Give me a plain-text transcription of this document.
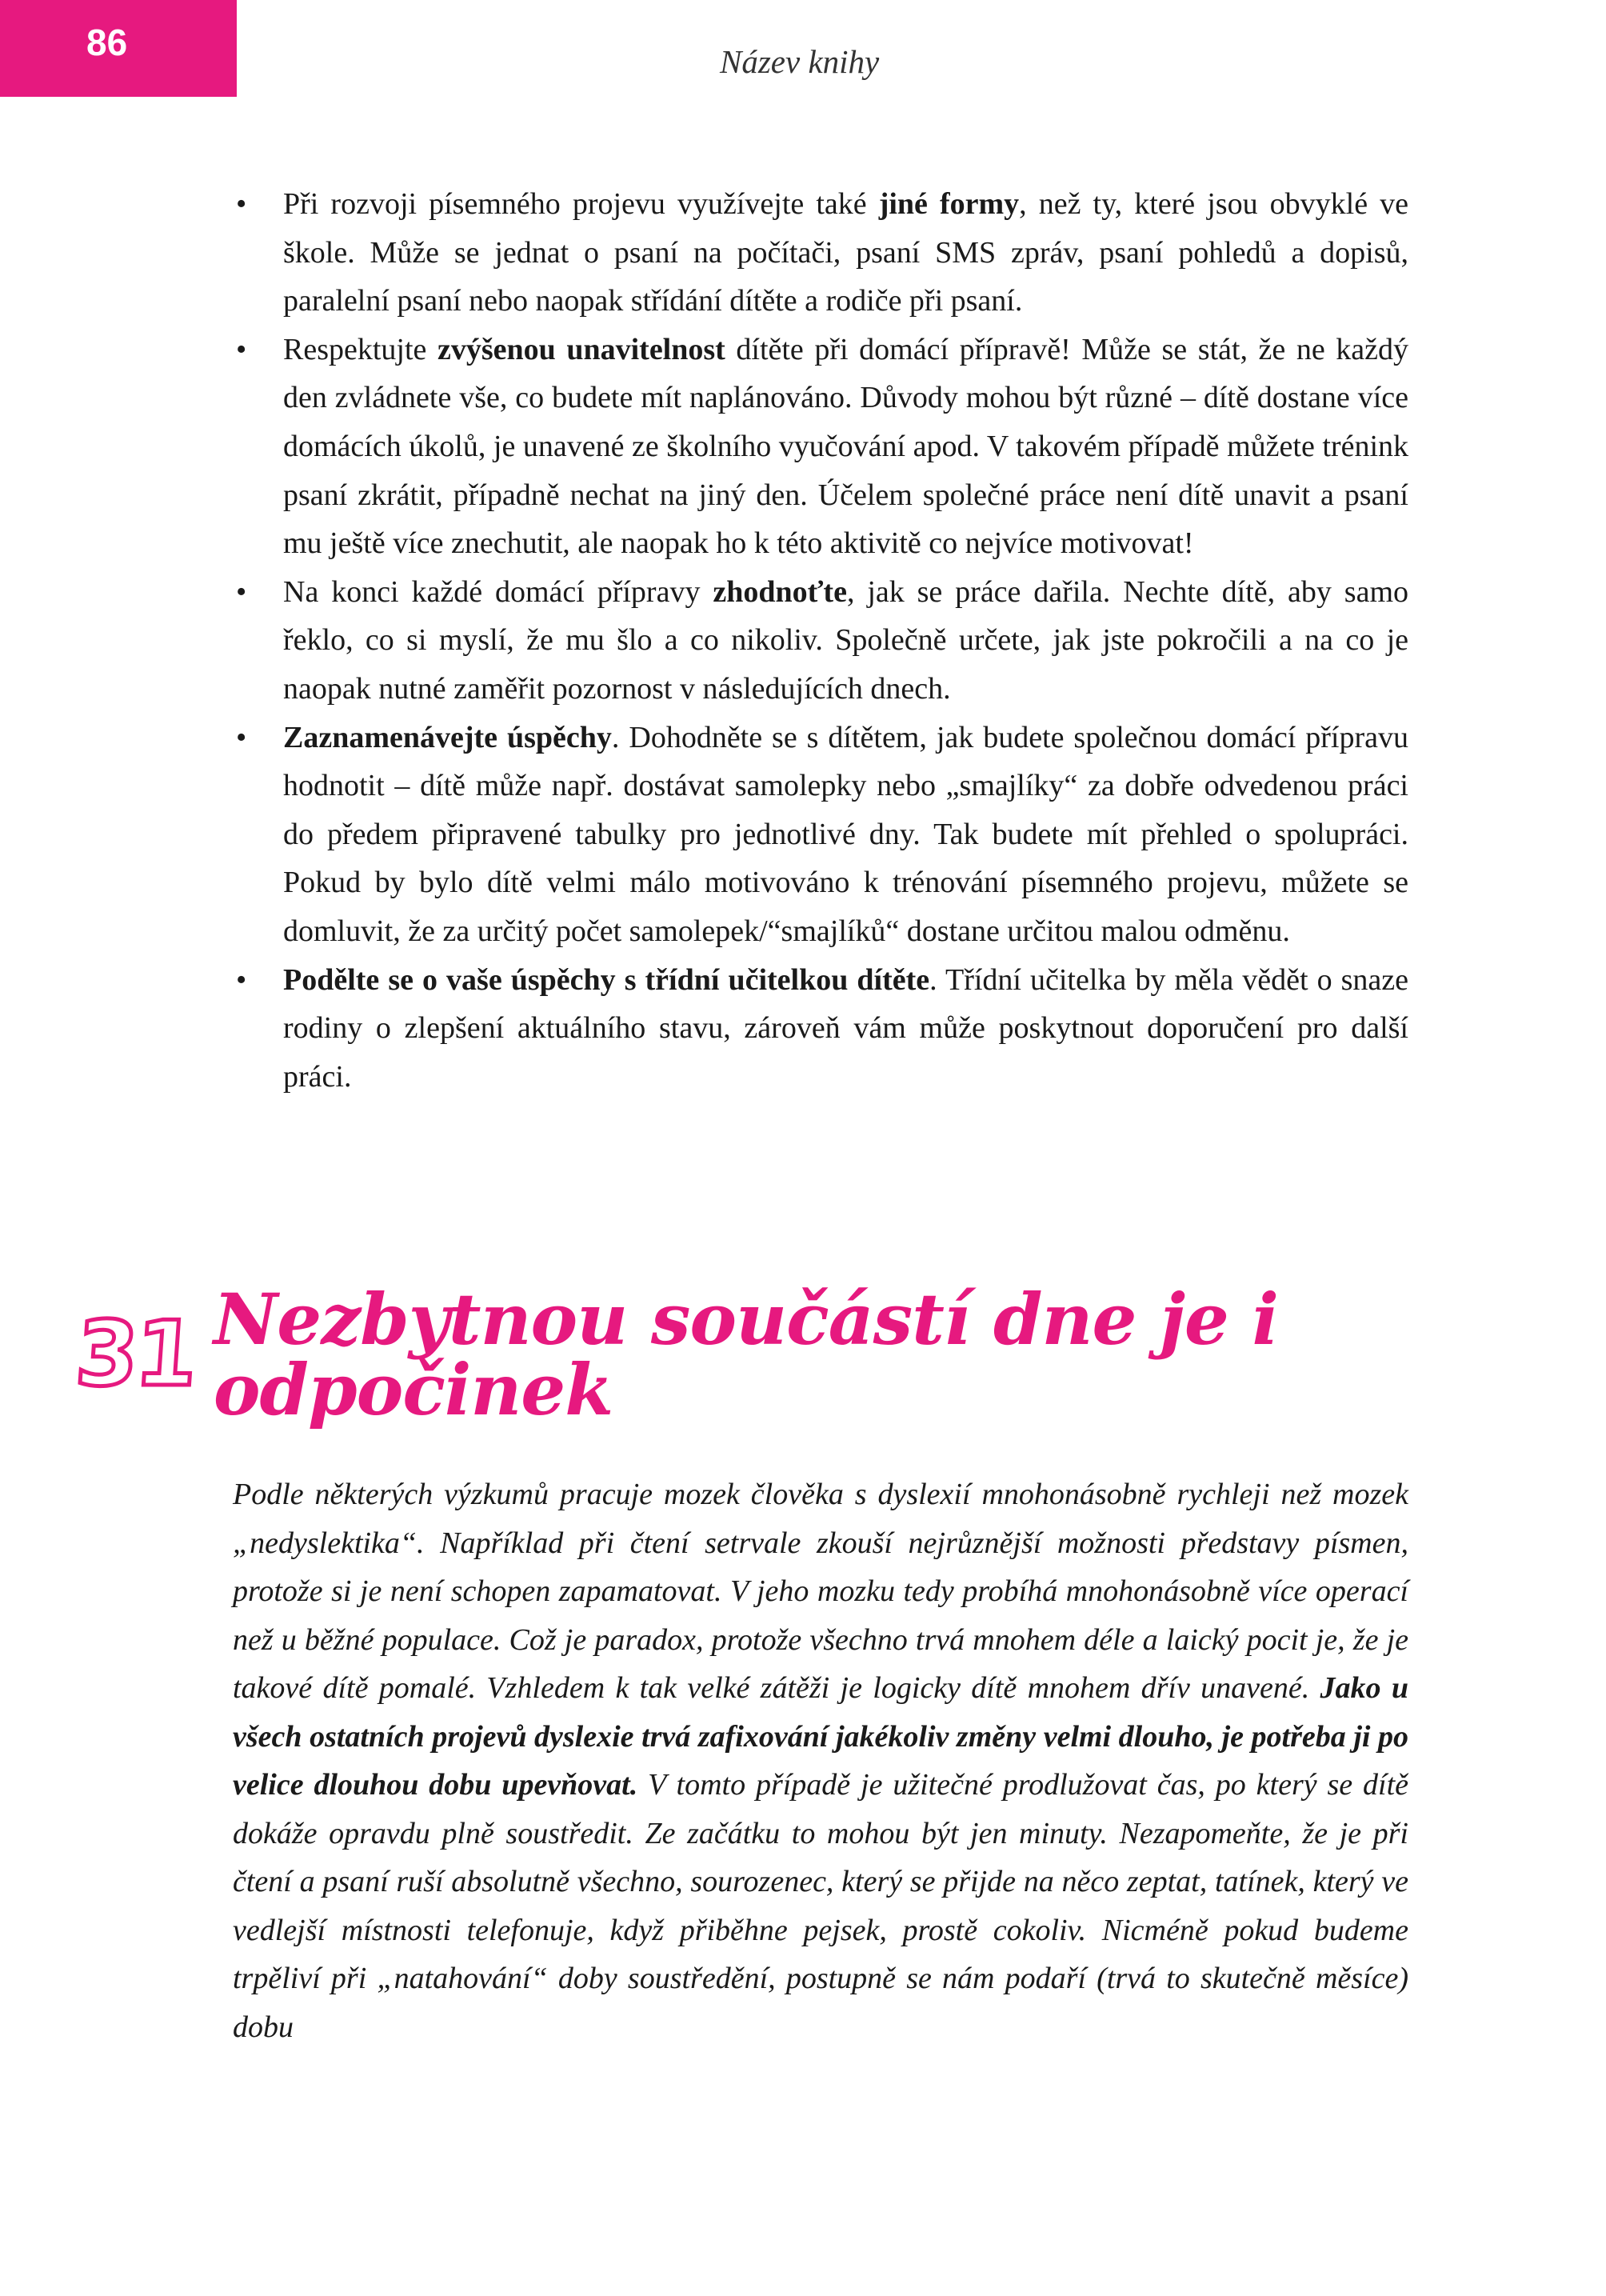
86	Název knihy
• Při rozvoji písemného projevu využívejte také jiné formy, než ty, které jsou obvyklé ve škole. Může se jednat o psaní na počítači, psaní SMS zpráv, psaní pohledů a dopisů, paralelní psaní nebo naopak střídání dítěte a rodiče při psaní.
• Respektujte zvýšenou unavitelnost dítěte při domácí přípravě! Může se stát, že ne každý den zvládnete vše, co budete mít naplánováno. Důvody mohou být různé – dítě dostane více domácích úkolů, je unavené ze školního vyučování apod. V takovém případě můžete trénink psaní zkrátit, případně nechat na jiný den. Účelem společné práce není dítě unavit a psaní mu ještě více znechutit, ale naopak ho k této aktivitě co nejvíce motivovat!
• Na konci každé domácí přípravy zhodnoťte, jak se práce dařila. Nechte dítě, aby samo řeklo, co si myslí, že mu šlo a co nikoliv. Společně určete, jak jste pokročili a na co je naopak nutné zaměřit pozornost v následujících dnech.
• Zaznamenávejte úspěchy. Dohodněte se s dítětem, jak budete společnou domácí přípravu hodnotit – dítě může např. dostávat samolepky nebo „smajlíky“ za dobře odvedenou práci do předem připravené tabulky pro jednotlivé dny. Tak budete mít přehled o spolupráci. Pokud by bylo dítě velmi málo motivováno k trénování písemného projevu, můžete se domluvit, že za určitý počet samolepek/“smajlíků“ dostane určitou malou odměnu.
• Podělte se o vaše úspěchy s třídní učitelkou dítěte. Třídní učitelka by měla vědět o snaze rodiny o zlepšení aktuálního stavu, zároveň vám může poskytnout doporučení pro další práci.
31 Nezbytnou součástí dne je i odpočinek

Podle některých výzkumů pracuje mozek člověka s dyslexií mnohonásobně rychleji než mozek „nedyslektika“. Například při čtení setrvale zkouší nejrůznější možnosti představy písmen, protože si je není schopen zapamatovat. V jeho mozku tedy probíhá mnohonásobně více operací než u běžné populace. Což je paradox, protože všechno trvá mnohem déle a laický pocit je, že je takové dítě pomalé. Vzhledem k tak velké zátěži je logicky dítě mnohem dřív unavené. Jako u všech ostatních projevů dyslexie trvá zafixování jakékoliv změny velmi dlouho, je potřeba ji po velice dlouhou dobu upevňovat. V tomto případě je užitečné prodlužovat čas, po který se dítě dokáže opravdu plně soustředit. Ze začátku to mohou být jen minuty. Nezapomeňte, že je při čtení a psaní ruší absolutně všechno, sourozenec, který se přijde na něco zeptat, tatínek, který ve vedlejší místnosti telefonuje, když přiběhne pejsek, prostě cokoliv. Nicméně pokud budeme trpěliví při „natahování“ doby soustředění, postupně se nám podaří (trvá to skutečně měsíce) dobu
